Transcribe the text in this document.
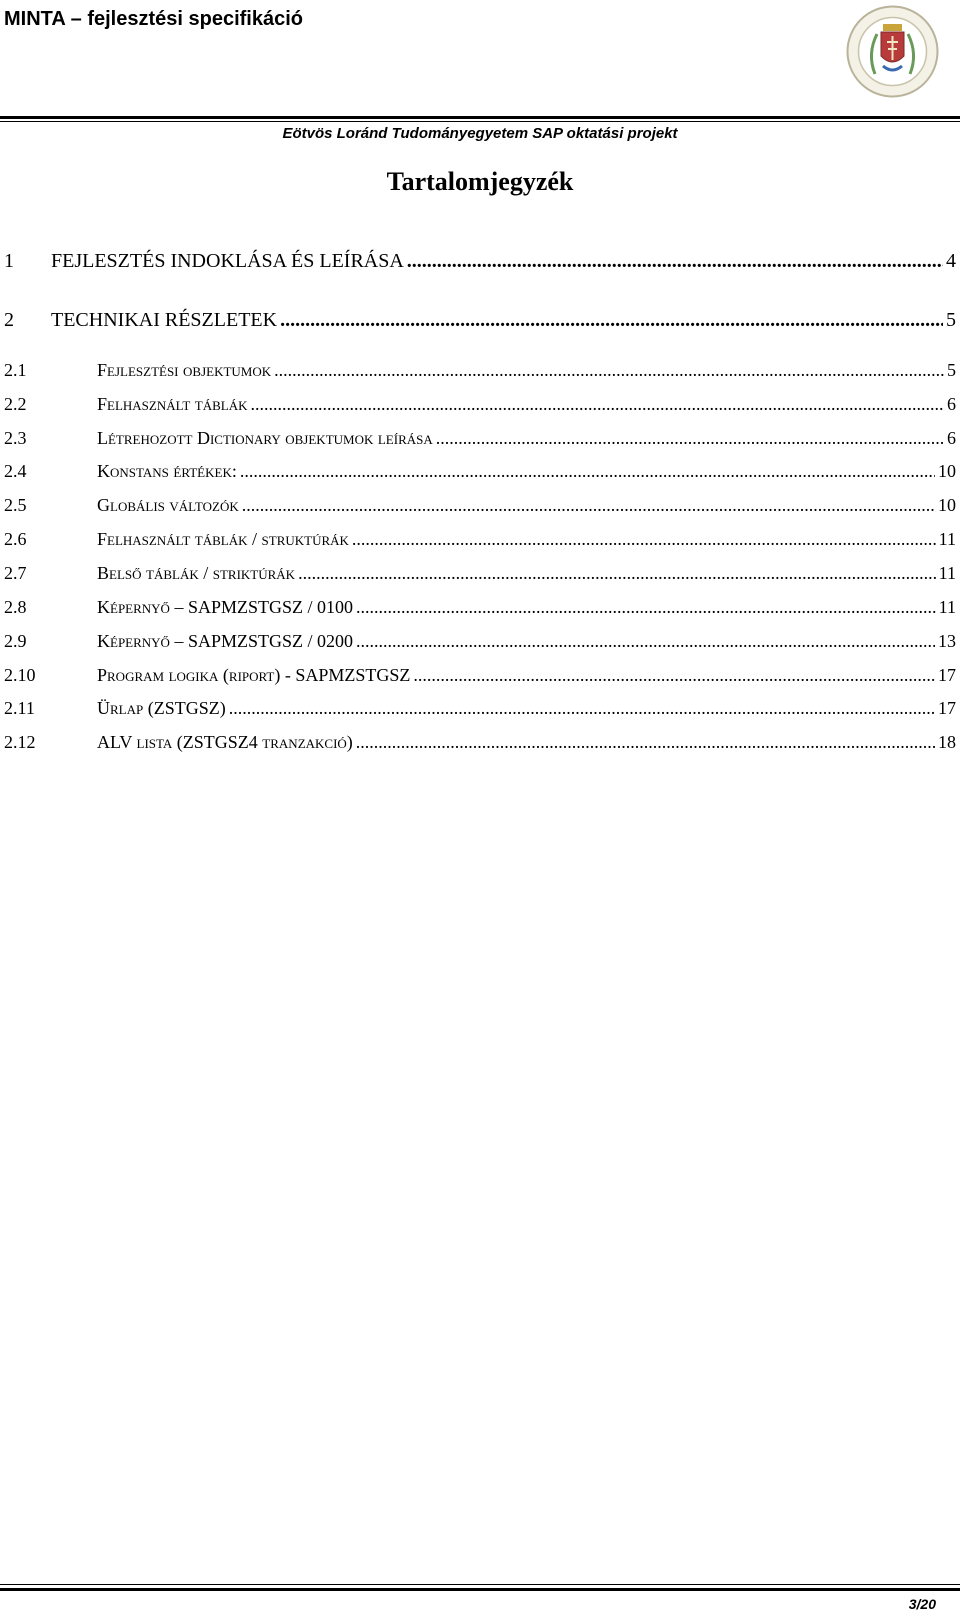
MINTA – fejlesztési specifikáció
Eötvös Loránd Tudományegyetem SAP oktatási projekt
Tartalomjegyzék
1	FEJLESZTÉS INDOKLÁSA ÉS LEÍRÁSA .....	4
2	TECHNIKAI RÉSZLETEK .....	5
2.1	Fejlesztési objektumok .....	5
2.2	Felhasznált táblák .....	6
2.3	Létrehozott Dictionary objektumok leírása .....	6
2.4	Konstans értékek: .....	10
2.5	Globális változók .....	10
2.6	Felhasznált táblák / struktúrák .....	11
2.7	Belső táblák / striktúrák .....	11
2.8	Képernyő – SAPMZSTGSZ / 0100 .....	11
2.9	Képernyő – SAPMZSTGSZ / 0200 .....	13
2.10	Program logika (riport) - SAPMZSTGSZ .....	17
2.11	Ürlap (ZSTGSZ) .....	17
2.12	ALV lista (ZSTGSZ4 tranzakció) .....	18
3/20
